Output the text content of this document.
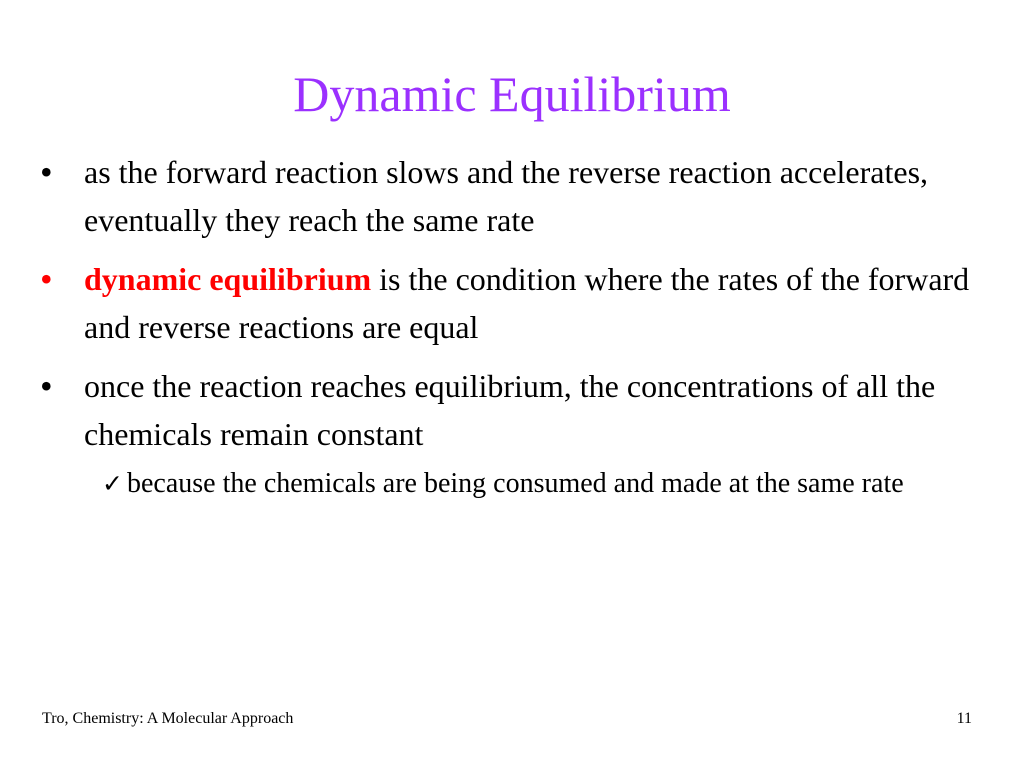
Dynamic Equilibrium
• as the forward reaction slows and the reverse reaction accelerates, eventually they reach the same rate
• dynamic equilibrium is the condition where the rates of the forward and reverse reactions are equal
• once the reaction reaches equilibrium, the concentrations of all the chemicals remain constant
✓ because the chemicals are being consumed and made at the same rate
Tro, Chemistry: A Molecular Approach	11
